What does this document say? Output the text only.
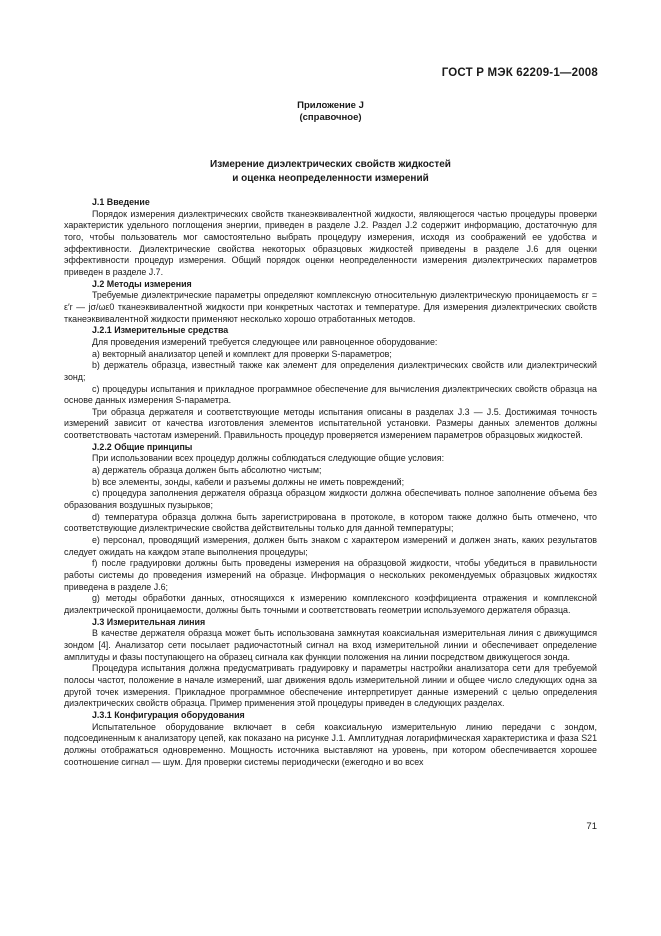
ГОСТ Р МЭК 62209-1—2008
Приложение J
(справочное)
Измерение диэлектрических свойств жидкостей
и оценка неопределенности измерений

J.1 Введение

Порядок измерения диэлектрических свойств тканеэквивалентной жидкости, являющегося частью процедуры проверки характеристик удельного поглощения энергии, приведен в разделе J.2. Раздел J.2 содержит информацию, достаточную для того, чтобы пользователь мог самостоятельно выбрать процедуру измерения, исходя из соображений ее удобства и эффективности. Диэлектрические свойства некоторых образцовых жидкостей приведены в разделе J.6 для оценки эффективности процедур измерения. Общий порядок оценки неопределенности измерения диэлектрических параметров приведен в разделе J.7.

J.2 Методы измерения

Требуемые диэлектрические параметры определяют комплексную относительную диэлектрическую проницаемость εr = ε′r — jσ/ωε0 тканеэквивалентной жидкости при конкретных частотах и температуре. Для измерения диэлектрических свойств тканеэквивалентной жидкости применяют несколько хорошо отработанных методов.

J.2.1 Измерительные средства

Для проведения измерений требуется следующее или равноценное оборудование:

а) векторный анализатор цепей и комплект для проверки S-параметров;

b) держатель образца, известный также как элемент для определения диэлектрических свойств или диэлектрический зонд;

c) процедуры испытания и прикладное программное обеспечение для вычисления диэлектрических свойств образца на основе данных измерения S-параметра.

Три образца держателя и соответствующие методы испытания описаны в разделах J.3 — J.5. Достижимая точность измерений зависит от качества изготовления элементов испытательной установки. Размеры данных элементов должны соответствовать частотам измерений. Правильность процедур проверяется измерением параметров образцовых жидкостей.

J.2.2 Общие принципы

При использовании всех процедур должны соблюдаться следующие общие условия:

а) держатель образца должен быть абсолютно чистым;

b) все элементы, зонды, кабели и разъемы должны не иметь повреждений;

c) процедура заполнения держателя образца образцом жидкости должна обеспечивать полное заполнение объема без образования воздушных пузырьков;

d) температура образца должна быть зарегистрирована в протоколе, в котором также должно быть отмечено, что соответствующие диэлектрические свойства действительны только для данной температуры;

e) персонал, проводящий измерения, должен быть знаком с характером измерений и должен знать, каких результатов следует ожидать на каждом этапе выполнения процедуры;

f) после градуировки должны быть проведены измерения на образцовой жидкости, чтобы убедиться в правильности работы системы до проведения измерений на образце. Информация о нескольких рекомендуемых образцовых жидкостях приведена в разделе J.6;

g) методы обработки данных, относящихся к измерению комплексного коэффициента отражения и комплексной диэлектрической проницаемости, должны быть точными и соответствовать геометрии используемого держателя образца.

J.3 Измерительная линия

В качестве держателя образца может быть использована замкнутая коаксиальная измерительная линия с движущимся зондом [4]. Анализатор сети посылает радиочастотный сигнал на вход измерительной линии и обеспечивает определение амплитуды и фазы поступающего на образец сигнала как функции положения на линии посредством движущегося зонда.

Процедура испытания должна предусматривать градуировку и параметры настройки анализатора сети для требуемой полосы частот, положение в начале измерений, шаг движения вдоль измерительной линии и общее число следующих одна за другой точек измерения. Прикладное программное обеспечение интерпретирует данные измерений с целью определения диэлектрических свойств образца. Пример применения этой процедуры приведен в следующих разделах.

J.3.1 Конфигурация оборудования

Испытательное оборудование включает в себя коаксиальную измерительную линию передачи с зондом, подсоединенным к анализатору цепей, как показано на рисунке J.1. Амплитудная логарифмическая характеристика и фаза S21 должны отображаться одновременно. Мощность источника выставляют на уровень, при котором обеспечивается хорошее соотношение сигнал — шум. Для проверки системы периодически (ежегодно и во всех

71
